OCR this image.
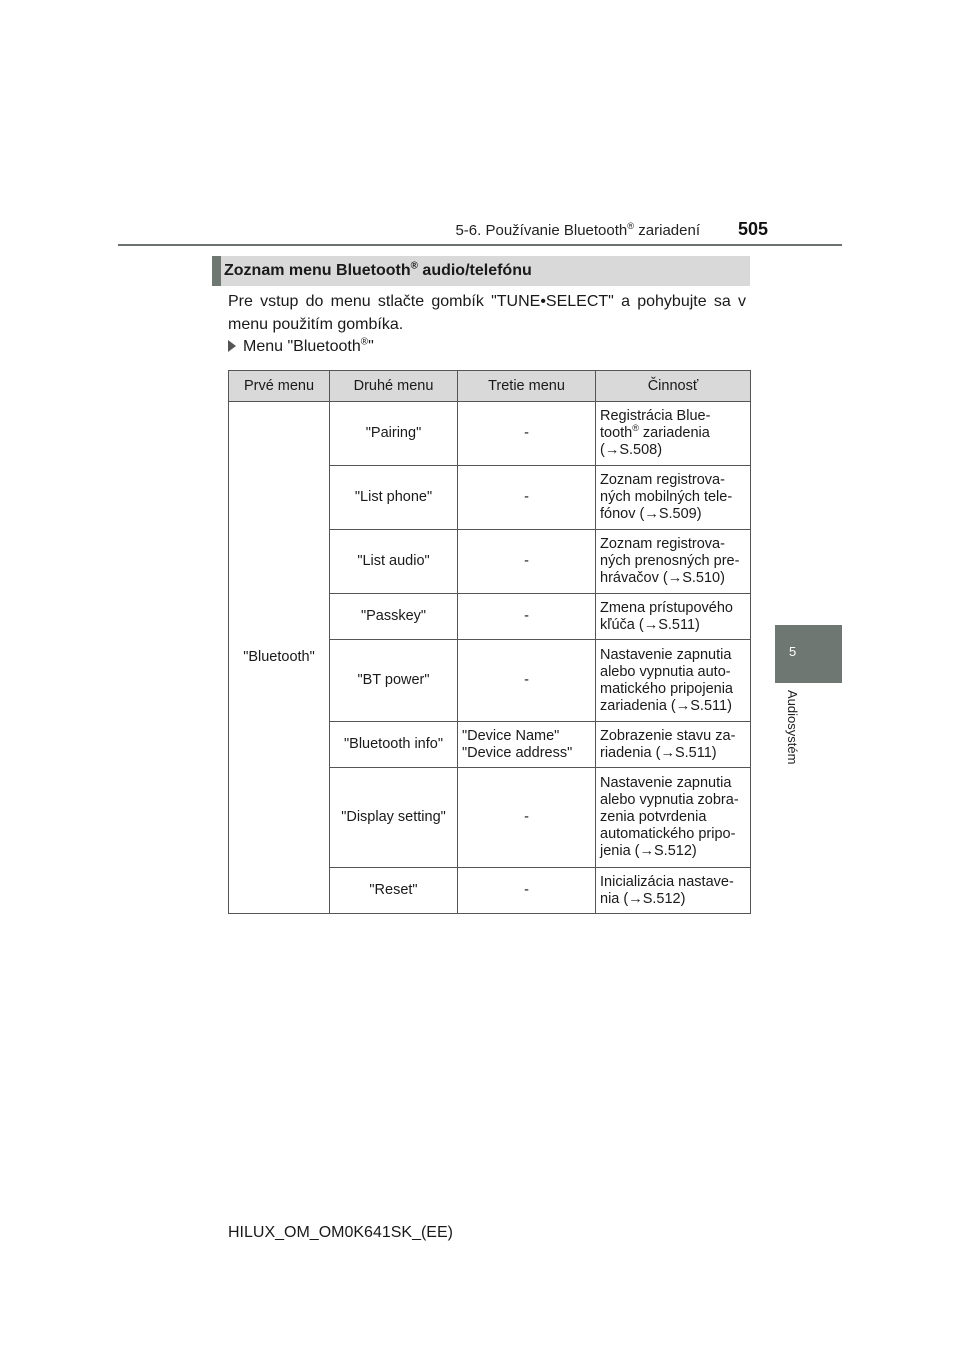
5-6. Používanie Bluetooth® zariadení 505
5
Audiosystém
Zoznam menu Bluetooth® audio/telefónu
Pre vstup do menu stlačte gombík "TUNE•SELECT" a pohybujte sa v menu použitím gombíka.
Menu "Bluetooth®"
Prvé menu	Druhé menu	Tretie menu	Činnosť
"Bluetooth"	"Pairing"	-	Registrácia Blue-
tooth® zariadenia
(→S.508)
	"List phone"	-	Zoznam registrova-
ných mobilných tele-
fónov (→S.509)
	"List audio"	-	Zoznam registrova-
ných prenosných pre-
hrávačov (→S.510)
	"Passkey"	-	Zmena prístupového
kľúča (→S.511)
	"BT power"	-	Nastavenie zapnutia
alebo vypnutia auto-
matického pripojenia
zariadenia (→S.511)
	"Bluetooth info"	"Device Name"
"Device address"	Zobrazenie stavu za-
riadenia (→S.511)
	"Display setting"	-	Nastavenie zapnutia
alebo vypnutia zobra-
zenia potvrdenia
automatického pripo-
jenia (→S.512)
	"Reset"	-	Inicializácia nastave-
nia (→S.512)
HILUX_OM_OM0K641SK_(EE)
